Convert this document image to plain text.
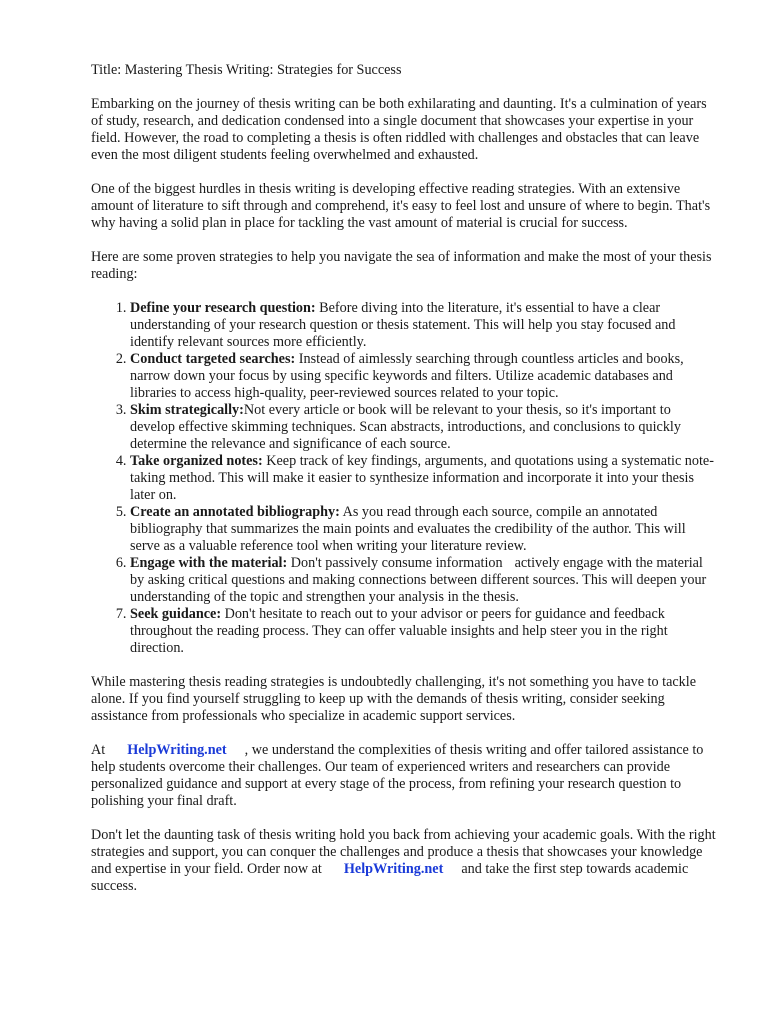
Title: Mastering Thesis Writing: Strategies for Success

Embarking on the journey of thesis writing can be both exhilarating and daunting. It's a culmination of years of study, research, and dedication condensed into a single document that showcases your expertise in your field. However, the road to completing a thesis is often riddled with challenges and obstacles that can leave even the most diligent students feeling overwhelmed and exhausted.

One of the biggest hurdles in thesis writing is developing effective reading strategies. With an extensive amount of literature to sift through and comprehend, it's easy to feel lost and unsure of where to begin. That's why having a solid plan in place for tackling the vast amount of material is crucial for success.

Here are some proven strategies to help you navigate the sea of information and make the most of your thesis reading:

1. Define your research question: Before diving into the literature, it's essential to have a clear understanding of your research question or thesis statement. This will help you stay focused and identify relevant sources more efficiently.
2. Conduct targeted searches: Instead of aimlessly searching through countless articles and books, narrow down your focus by using specific keywords and filters. Utilize academic databases and libraries to access high-quality, peer-reviewed sources related to your topic.
3. Skim strategically:Not every article or book will be relevant to your thesis, so it's important to develop effective skimming techniques. Scan abstracts, introductions, and conclusions to quickly determine the relevance and significance of each source.
4. Take organized notes: Keep track of key findings, arguments, and quotations using a systematic note-taking method. This will make it easier to synthesize information and incorporate it into your thesis later on.
5. Create an annotated bibliography: As you read through each source, compile an annotated bibliography that summarizes the main points and evaluates the credibility of the author. This will serve as a valuable reference tool when writing your literature review.
6. Engage with the material: Don't passively consume information actively engage with the material by asking critical questions and making connections between different sources. This will deepen your understanding of the topic and strengthen your analysis in the thesis.
7. Seek guidance: Don't hesitate to reach out to your advisor or peers for guidance and feedback throughout the reading process. They can offer valuable insights and help steer you in the right direction.

While mastering thesis reading strategies is undoubtedly challenging, it's not something you have to tackle alone. If you find yourself struggling to keep up with the demands of thesis writing, consider seeking assistance from professionals who specialize in academic support services.

At HelpWriting.net , we understand the complexities of thesis writing and offer tailored assistance to help students overcome their challenges. Our team of experienced writers and researchers can provide personalized guidance and support at every stage of the process, from refining your research question to polishing your final draft.

Don't let the daunting task of thesis writing hold you back from achieving your academic goals. With the right strategies and support, you can conquer the challenges and produce a thesis that showcases your knowledge and expertise in your field. Order now at HelpWriting.net and take the first step towards academic success.
